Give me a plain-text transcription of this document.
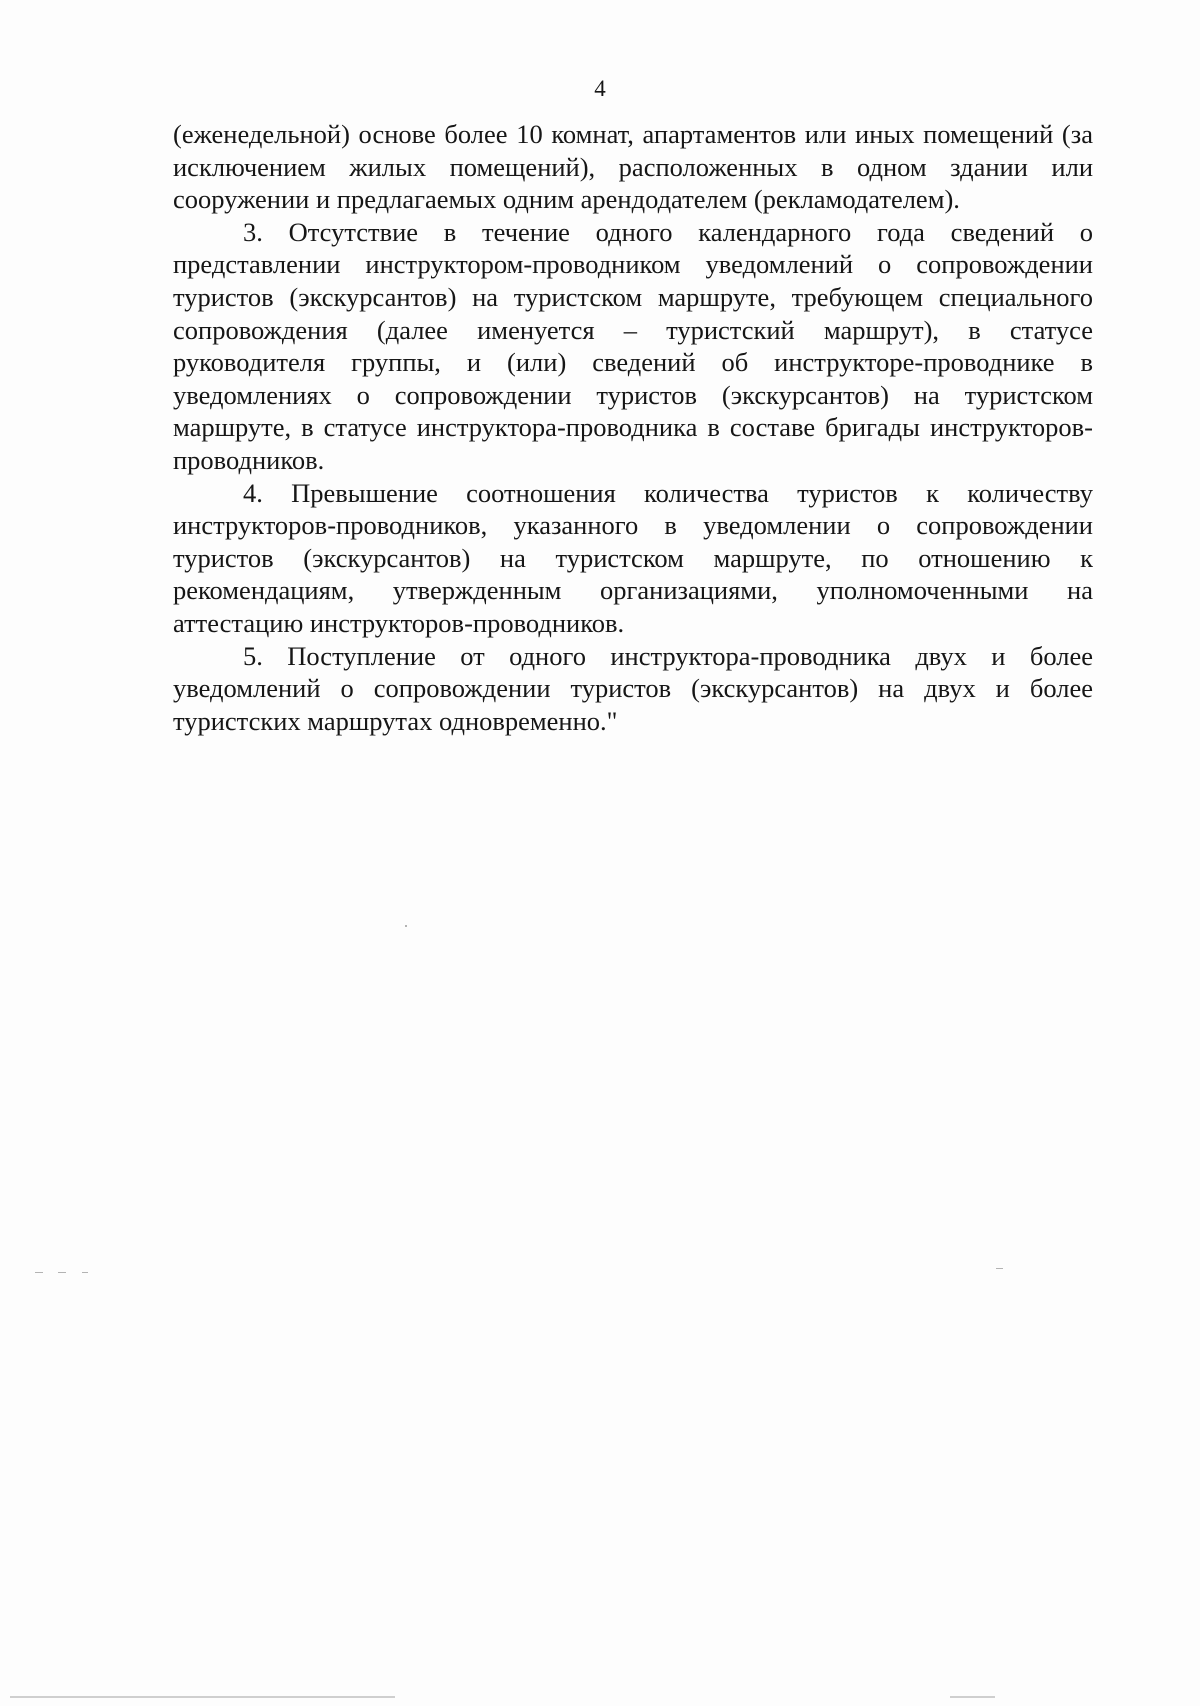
4

(еженедельной) основе более 10 комнат, апартаментов или иных помещений (за исключением жилых помещений), расположенных в одном здании или сооружении и предлагаемых одним арендодателем (рекламодателем).

3. Отсутствие в течение одного календарного года сведений о представлении инструктором-проводником уведомлений о сопровождении туристов (экскурсантов) на туристском маршруте, требующем специального сопровождения (далее именуется – туристский маршрут), в статусе руководителя группы, и (или) сведений об инструкторе-проводнике в уведомлениях о сопровождении туристов (экскурсантов) на туристском маршруте, в статусе инструктора-проводника в составе бригады инструкторов-проводников.

4. Превышение соотношения количества туристов к количеству инструкторов-проводников, указанного в уведомлении о сопровождении туристов (экскурсантов) на туристском маршруте, по отношению к рекомендациям, утвержденным организациями, уполномоченными на аттестацию инструкторов-проводников.

5. Поступление от одного инструктора-проводника двух и более уведомлений о сопровождении туристов (экскурсантов) на двух и более туристских маршрутах одновременно."
